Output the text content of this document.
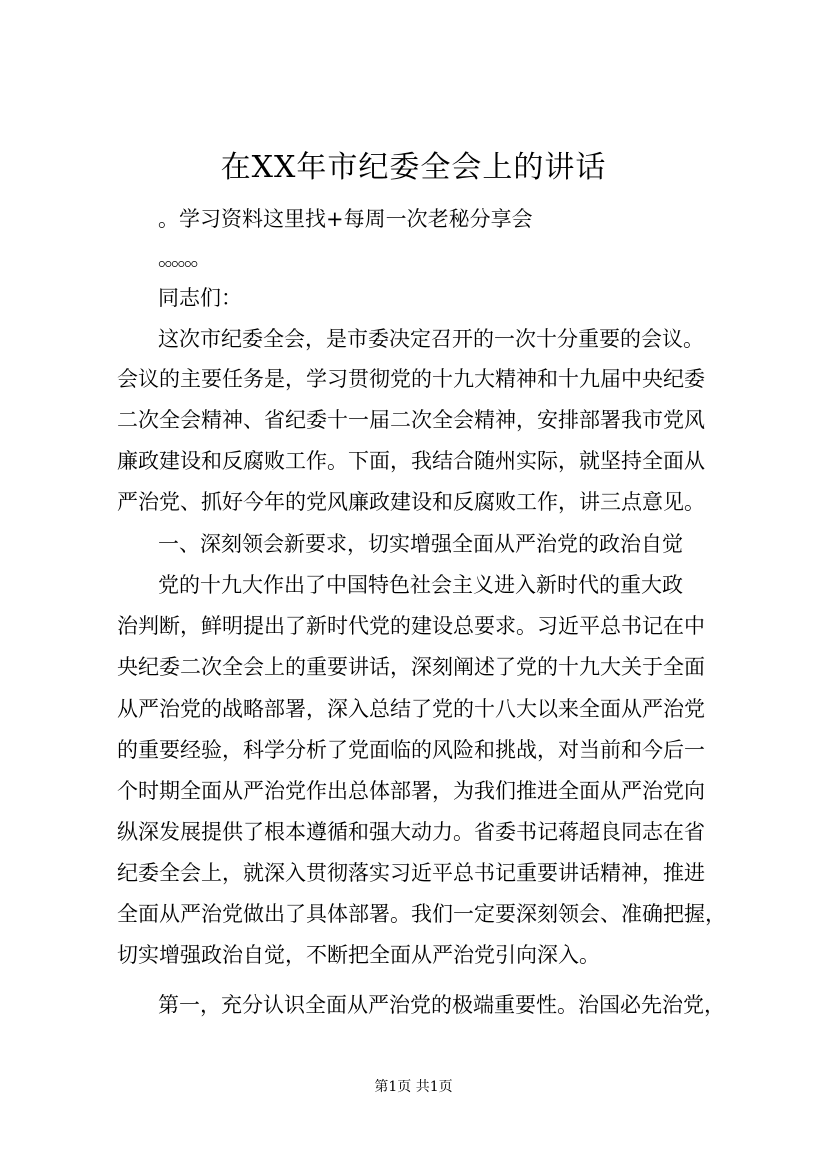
在XX年市纪委全会上的讲话
。学习资料这里找+每周一次老秘分享会
。。。。。。
同志们：
这次市纪委全会，是市委决定召开的一次十分重要的会议。
会议的主要任务是，学习贯彻党的十九大精神和十九届中央纪委
二次全会精神、省纪委十一届二次全会精神，安排部署我市党风
廉政建设和反腐败工作。下面，我结合随州实际，就坚持全面从
严治党、抓好今年的党风廉政建设和反腐败工作，讲三点意见。
一、深刻领会新要求，切实增强全面从严治党的政治自觉
党的十九大作出了中国特色社会主义进入新时代的重大政
治判断，鲜明提出了新时代党的建设总要求。习近平总书记在中
央纪委二次全会上的重要讲话，深刻阐述了党的十九大关于全面
从严治党的战略部署，深入总结了党的十八大以来全面从严治党
的重要经验，科学分析了党面临的风险和挑战，对当前和今后一
个时期全面从严治党作出总体部署，为我们推进全面从严治党向
纵深发展提供了根本遵循和强大动力。省委书记蒋超良同志在省
纪委全会上，就深入贯彻落实习近平总书记重要讲话精神，推进
全面从严治党做出了具体部署。我们一定要深刻领会、准确把握，
切实增强政治自觉，不断把全面从严治党引向深入。
第一，充分认识全面从严治党的极端重要性。治国必先治党，
第1页 共1页
